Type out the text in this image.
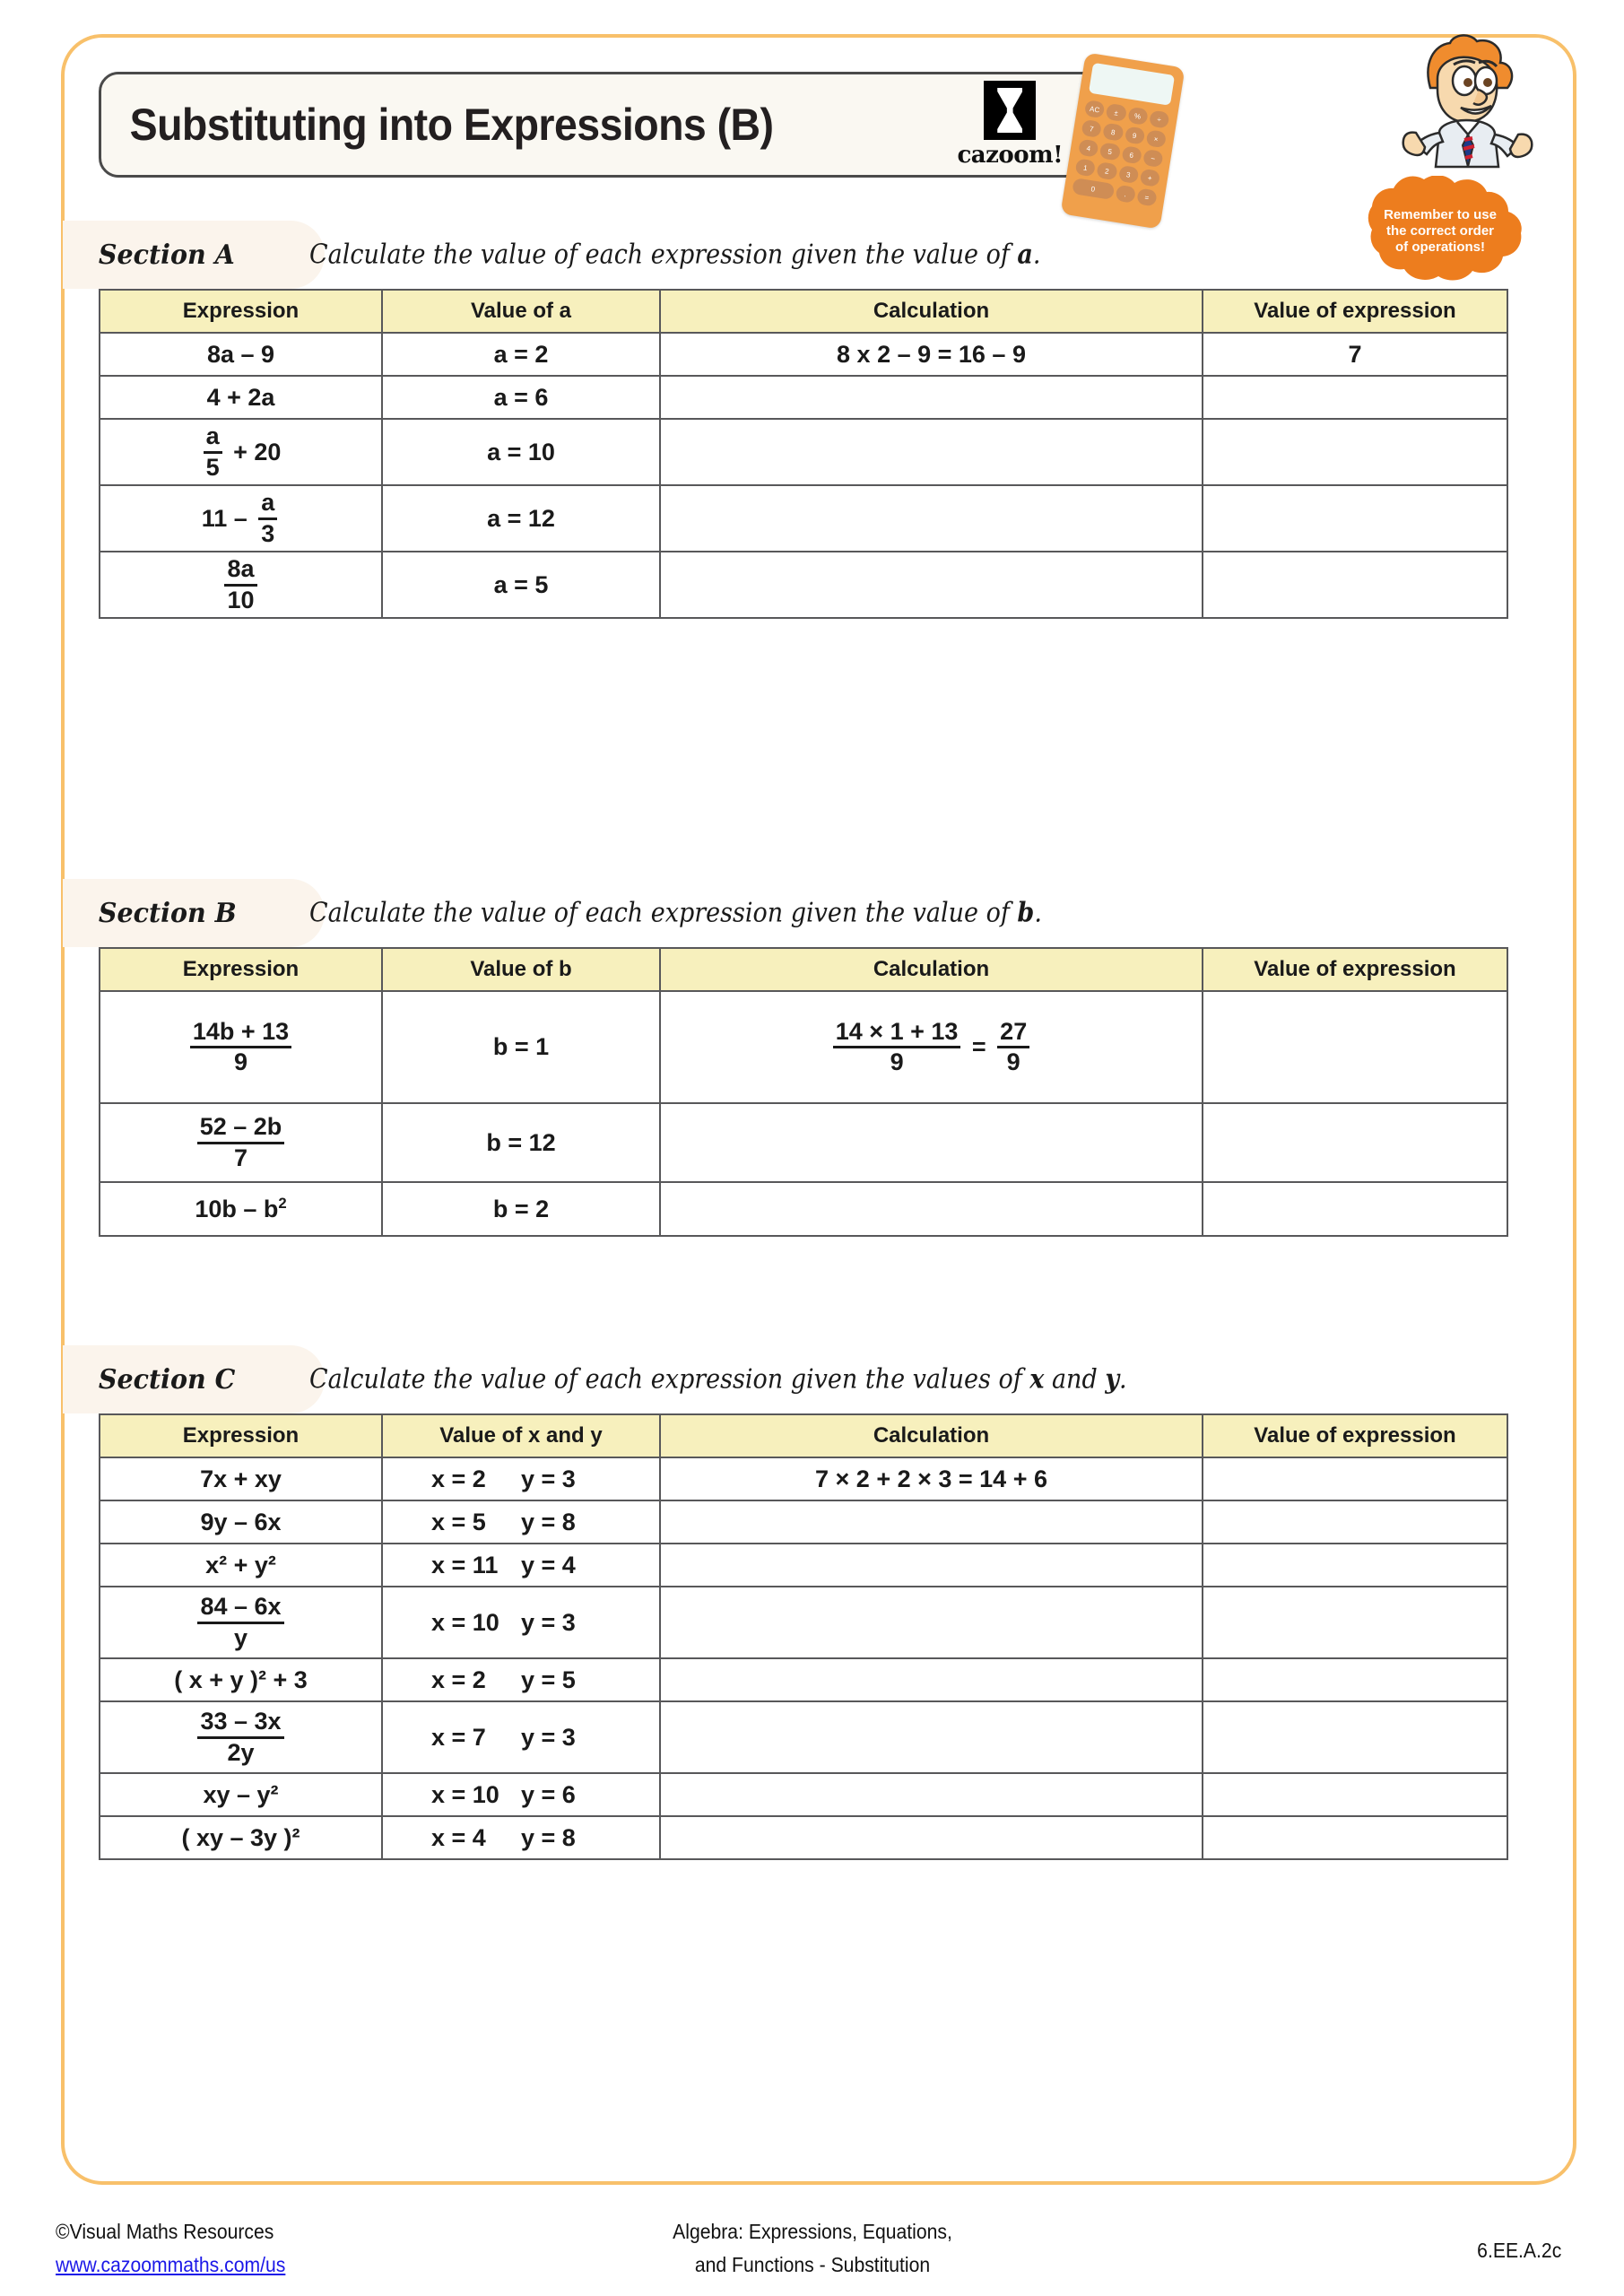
Substituting into Expressions (B)
cazoom!
AC	±	%	÷
7	8	9	×
4	5	6	−
1	2	3	+
0
.	=
Remember to use
the correct order
of operations!
Section A	Calculate the value of each expression given the value of a.
Expression	Value of a	Calculation	Value of expression

8a – 9	a = 2	8 x 2 – 9 = 16 – 9	7

4 + 2a	a = 6		

$\frac{a}{5} + 20$	a = 10		

$11 - \frac{a}{3}$	a = 12		

$\frac{8a}{10}$	a = 5		

Section B	Calculate the value of each expression given the value of b.
Expression	Value of b	Calculation	Value of expression

$\frac{14b + 13}{9}$	b = 1	$\frac{14 \times 1 + 13}{9} = \frac{27}{9}$

$\frac{52 - 2b}{7}$	b = 12		

$10b - b^2$	b = 2		

Section C	Calculate the value of each expression given the values of x and y.
Expression	Value of x and y	Calculation	Value of expression

7x + xy	x = 2 y = 3	7 × 2 + 2 × 3 = 14 + 6	

9y – 6x	x = 5 y = 8		

x² + y²	x = 11 y = 4		

$\frac{84 - 6x}{y}$	x = 10 y = 3		

( x + y )² + 3	x = 2 y = 5		

$\frac{33 - 3x}{2y}$	x = 7 y = 3		

xy – y²	x = 10 y = 6		

( xy – 3y )²	x = 4 y = 8		

©Visual Maths Resources
www.cazoommaths.com/us
Algebra: Expressions, Equations,
and Functions - Substitution
6.EE.A.2c
